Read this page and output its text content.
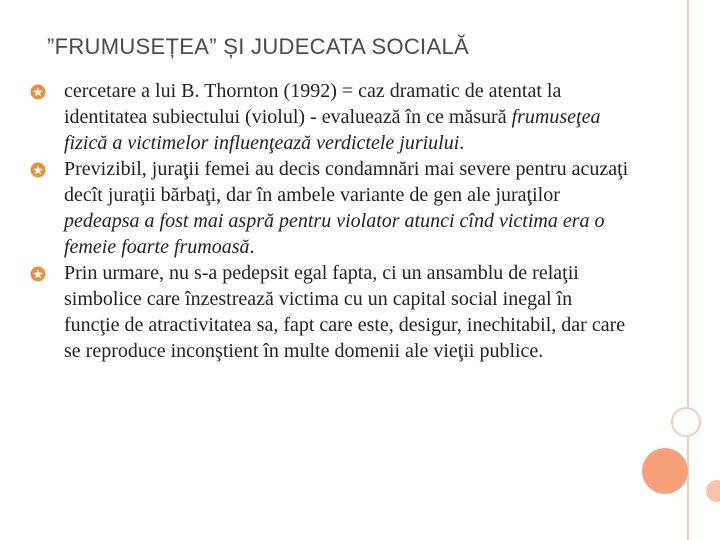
”FRUMUSEȚEA” ȘI JUDECATA SOCIALĂ
cercetare a lui B. Thornton (1992) = caz dramatic de atentat la identitatea subiectului (violul) - evaluează în ce măsură frumuseţea fizică a victimelor influenţează verdictele juriului.
Previzibil, juraţii femei au decis condamnări mai severe pentru acuzaţi decît juraţii bărbaţi, dar în ambele variante de gen ale juraţilor pedeapsa a fost mai aspră pentru violator atunci cînd victima era o femeie foarte frumoasă.
Prin urmare, nu s-a pedepsit egal fapta, ci un ansamblu de relaţii simbolice care înzestrează victima cu un capital social inegal în funcţie de atractivitatea sa, fapt care este, desigur, inechitabil, dar care se reproduce inconştient în multe domenii ale vieţii publice.
